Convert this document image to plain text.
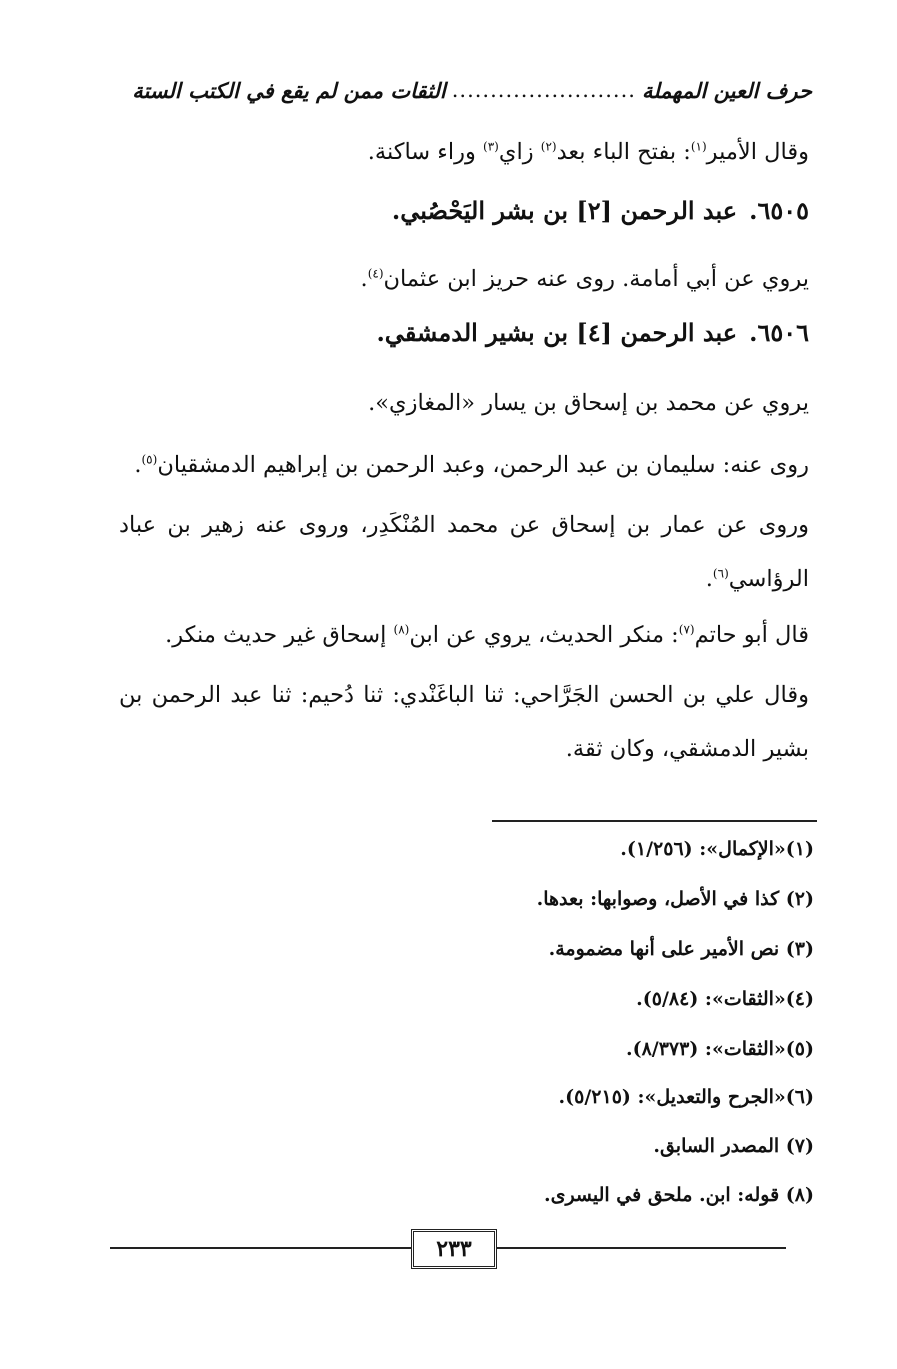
حرف العين المهملة
........................
الثقات ممن لم يقع في الكتب الستة
وقال الأمير$^{(١)}$: بفتح الباء بعد$^{(٢)}$ زاي$^{(٣)}$ وراء ساكنة.
٦٥٠٥.عبد الرحمن [٢] بن بشر اليَحْصُبي.
يروي عن أبي أمامة. روى عنه حريز ابن عثمان$^{(٤)}$.
٦٥٠٦.عبد الرحمن [٤] بن بشير الدمشقي.
يروي عن محمد بن إسحاق بن يسار «المغازي».
روى عنه: سليمان بن عبد الرحمن، وعبد الرحمن بن إبراهيم الدمشقيان$^{(٥)}$.
وروى عن عمار بن إسحاق عن محمد المُنْكَدِر، وروى عنه زهير بن عباد الرؤاسي$^{(٦)}$.
قال أبو حاتم$^{(٧)}$: منكر الحديث، يروي عن ابن$^{(٨)}$ إسحاق غير حديث منكر.
وقال علي بن الحسن الجَرَّاحي: ثنا الباغَنْدي: ثنا دُحيم: ثنا عبد الرحمن بن بشير الدمشقي، وكان ثقة.
(١)«الإكمال»: (١/٢٥٦).
(٢) كذا في الأصل، وصوابها: بعدها.
(٣) نص الأمير على أنها مضمومة.
(٤)«الثقات»: (٥/٨٤).
(٥)«الثقات»: (٨/٣٧٣).
(٦)«الجرح والتعديل»: (٥/٢١٥).
(٧) المصدر السابق.
(٨) قوله: ابن. ملحق في اليسرى.
٢٣٣
